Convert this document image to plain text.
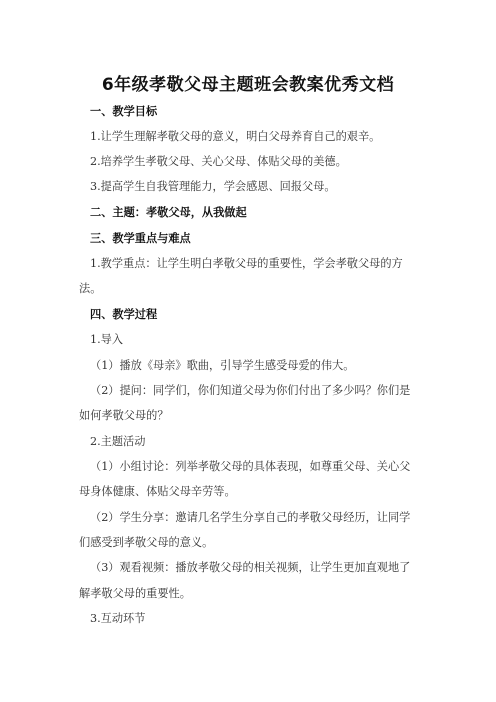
6年级孝敬父母主题班会教案优秀文档
一、教学目标
1.让学生理解孝敬父母的意义，明白父母养育自己的艰辛。
2.培养学生孝敬父母、关心父母、体贴父母的美德。
3.提高学生自我管理能力，学会感恩、回报父母。
二、主题：孝敬父母，从我做起
三、教学重点与难点
1.教学重点：让学生明白孝敬父母的重要性，学会孝敬父母的方
法。
四、教学过程
1.导入
（1）播放《母亲》歌曲，引导学生感受母爱的伟大。
（2）提问：同学们，你们知道父母为你们付出了多少吗？你们是
如何孝敬父母的？
2.主题活动
（1）小组讨论：列举孝敬父母的具体表现，如尊重父母、关心父
母身体健康、体贴父母辛劳等。
（2）学生分享：邀请几名学生分享自己的孝敬父母经历，让同学
们感受到孝敬父母的意义。
（3）观看视频：播放孝敬父母的相关视频，让学生更加直观地了
解孝敬父母的重要性。
3.互动环节
